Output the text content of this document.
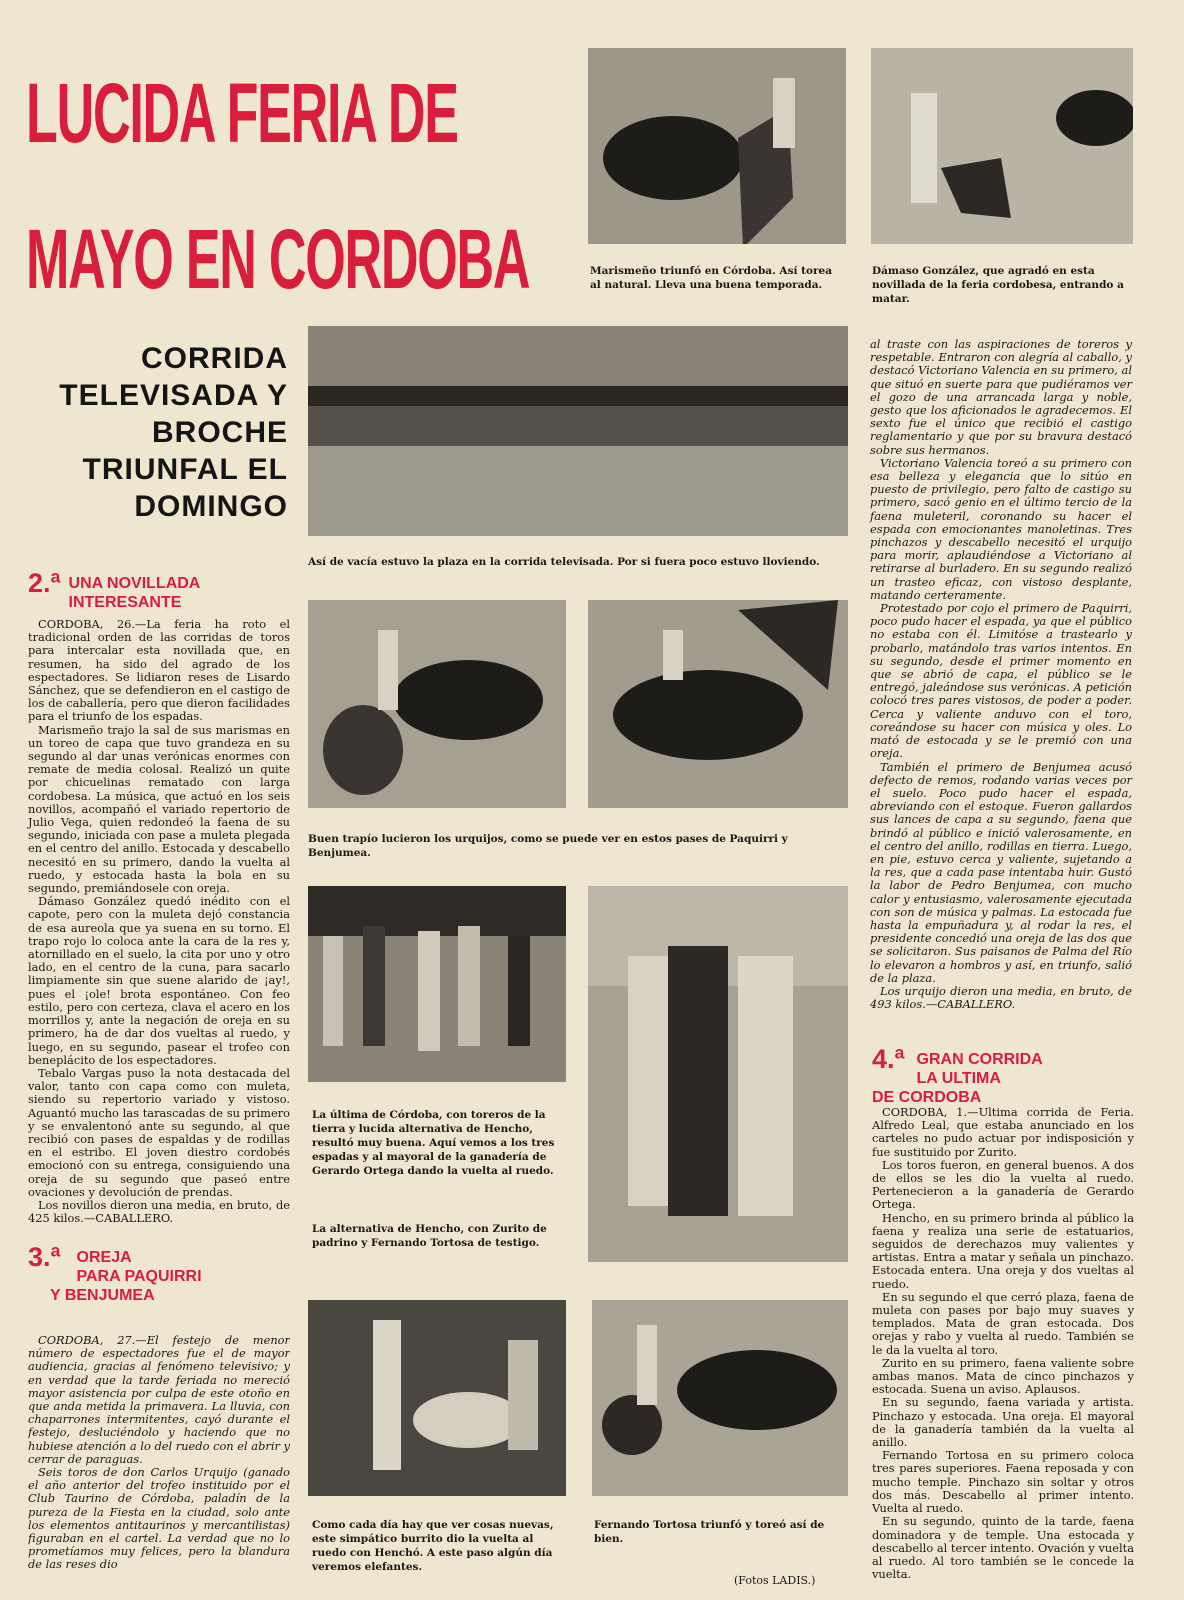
LUCIDA FERIA DE
MAYO EN CORDOBA
CORRIDA
TELEVISADA Y
BROCHE
TRIUNFAL EL
DOMINGO
2.ª UNA NOVILLADA
INTERESANTE

CORDOBA, 26.—La feria ha roto el tradicional orden de las corridas de toros para intercalar esta novillada que, en resumen, ha sido del agrado de los espectadores. Se lidiaron reses de Lisardo Sánchez, que se defendieron en el castigo de los de caballería, pero que dieron facilidades para el triunfo de los espadas.

Marismeño trajo la sal de sus marismas en un toreo de capa que tuvo grandeza en su segundo al dar unas verónicas enormes con remate de media colosal. Realizó un quite por chicuelinas rematado con larga cordobesa. La música, que actuó en los seis novillos, acompañó el variado repertorio de Julio Vega, quien redondeó la faena de su segundo, iniciada con pase a muleta plegada en el centro del anillo. Estocada y descabello necesitó en su primero, dando la vuelta al ruedo, y estocada hasta la bola en su segundo, premiándosele con oreja.

Dámaso González quedó inédito con el capote, pero con la muleta dejó constancia de esa aureola que ya suena en su torno. El trapo rojo lo coloca ante la cara de la res y, atornillado en el suelo, la cita por uno y otro lado, en el centro de la cuna, para sacarlo limpiamente sin que suene alarido de ¡ay!, pues el ¡ole! brota espontáneo. Con feo estilo, pero con certeza, clava el acero en los morrillos y, ante la negación de oreja en su primero, ha de dar dos vueltas al ruedo, y luego, en su segundo, pasear el trofeo con beneplácito de los espectadores.

Tebalo Vargas puso la nota destacada del valor, tanto con capa como con muleta, siendo su repertorio variado y vistoso. Aguantó mucho las tarascadas de su primero y se envalentonó ante su segundo, al que recibió con pases de espaldas y de rodillas en el estribo. El joven diestro cordobés emocionó con su entrega, consiguiendo una oreja de su segundo que paseó entre ovaciones y devolución de prendas.

Los novillos dieron una media, en bruto, de 425 kilos.—CABALLERO.

3.ª	OREJA
PARA PAQUIRRI
Y BENJUMEA

CORDOBA, 27.—El festejo de menor número de espectadores fue el de mayor audiencia, gracias al fenómeno televisivo; y en verdad que la tarde feriada no mereció mayor asistencia por culpa de este otoño en que anda metida la primavera. La lluvia, con chaparrones intermitentes, cayó durante el festejo, desluciéndolo y haciendo que no hubiese atención a lo del ruedo con el abrir y cerrar de paraguas.

Seis toros de don Carlos Urquijo (ganado el año anterior del trofeo instituido por el Club Taurino de Córdoba, paladín de la pureza de la Fiesta en la ciudad, solo ante los elementos antitaurinos y mercantilistas) figuraban en el cartel. La verdad que no lo prometíamos muy felices, pero la blandura de las reses dio

Marismeño triunfó en Córdoba. Así torea al natural. Lleva una buena temporada.
Dámaso González, que agradó en esta novillada de la feria cordobesa, entrando a matar.
Así de vacía estuvo la plaza en la corrida televisada. Por si fuera poco estuvo lloviendo.
Buen trapío lucieron los urquijos, como se puede ver en estos pases de Paquirri y Benjumea.
La última de Córdoba, con toreros de la tierra y lucida alternativa de Hencho, resultó muy buena. Aquí vemos a los tres espadas y al mayoral de la ganadería de Gerardo Ortega dando la vuelta al ruedo.
La alternativa de Hencho, con Zurito de padrino y Fernando Tortosa de testigo.
Como cada día hay que ver cosas nuevas, este simpático burrito dio la vuelta al ruedo con Henchó. A este paso algún día veremos elefantes.
Fernando Tortosa triunfó y toreó así de bien.
(Fotos LADIS.)

al traste con las aspiraciones de toreros y respetable. Entraron con alegría al caballo, y destacó Victoriano Valencia en su primero, al que situó en suerte para que pudiéramos ver el gozo de una arrancada larga y noble, gesto que los aficionados le agradecemos. El sexto fue el único que recibió el castigo reglamentario y que por su bravura destacó sobre sus hermanos.

Victoriano Valencia toreó a su primero con esa belleza y elegancia que lo sitúo en puesto de privilegio, pero falto de castigo su primero, sacó genio en el último tercio de la faena muleteril, coronando su hacer el espada con emocionantes manoletinas. Tres pinchazos y descabello necesitó el urquijo para morir, aplaudiéndose a Victoriano al retirarse al burladero. En su segundo realizó un trasteo eficaz, con vistoso desplante, matando certeramente.

Protestado por cojo el primero de Paquirri, poco pudo hacer el espada, ya que el público no estaba con él. Limitóse a trastearlo y probarlo, matándolo tras varios intentos. En su segundo, desde el primer momento en que se abrió de capa, el público se le entregó, jaleándose sus verónicas. A petición colocó tres pares vistosos, de poder a poder. Cerca y valiente anduvo con el toro, coreándose su hacer con música y oles. Lo mató de estocada y se le premió con una oreja.

También el primero de Benjumea acusó defecto de remos, rodando varias veces por el suelo. Poco pudo hacer el espada, abreviando con el estoque. Fueron gallardos sus lances de capa a su segundo, faena que brindó al público e inició valerosamente, en el centro del anillo, rodillas en tierra. Luego, en pie, estuvo cerca y valiente, sujetando a la res, que a cada pase intentaba huir. Gustó la labor de Pedro Benjumea, con mucho calor y entusiasmo, valerosamente ejecutada con son de música y palmas. La estocada fue hasta la empuñadura y, al rodar la res, el presidente concedió una oreja de las dos que se solicitaron. Sus paisanos de Palma del Río lo elevaron a hombros y así, en triunfo, salió de la plaza.

Los urquijo dieron una media, en bruto, de 493 kilos.—CABALLERO.

4.ª GRAN CORRIDA
LA ULTIMA
DE CORDOBA

CORDOBA, 1.—Ultima corrida de Feria. Alfredo Leal, que estaba anunciado en los carteles no pudo actuar por indisposición y fue sustituido por Zurito.

Los toros fueron, en general buenos. A dos de ellos se les dio la vuelta al ruedo. Pertenecieron a la ganadería de Gerardo Ortega.

Hencho, en su primero brinda al público la faena y realiza una serie de estatuarios, seguidos de derechazos muy valientes y artistas. Entra a matar y señala un pinchazo. Estocada entera. Una oreja y dos vueltas al ruedo.

En su segundo el que cerró plaza, faena de muleta con pases por bajo muy suaves y templados. Mata de gran estocada. Dos orejas y rabo y vuelta al ruedo. También se le da la vuelta al toro.

Zurito en su primero, faena valiente sobre ambas manos. Mata de cinco pinchazos y estocada. Suena un aviso. Aplausos.

En su segundo, faena variada y artista. Pinchazo y estocada. Una oreja. El mayoral de la ganadería también da la vuelta al anillo.

Fernando Tortosa en su primero coloca tres pares superiores. Faena reposada y con mucho temple. Pinchazo sin soltar y otros dos más. Descabello al primer intento. Vuelta al ruedo.

En su segundo, quinto de la tarde, faena dominadora y de temple. Una estocada y descabello al tercer intento. Ovación y vuelta al ruedo. Al toro también se le concede la vuelta.
